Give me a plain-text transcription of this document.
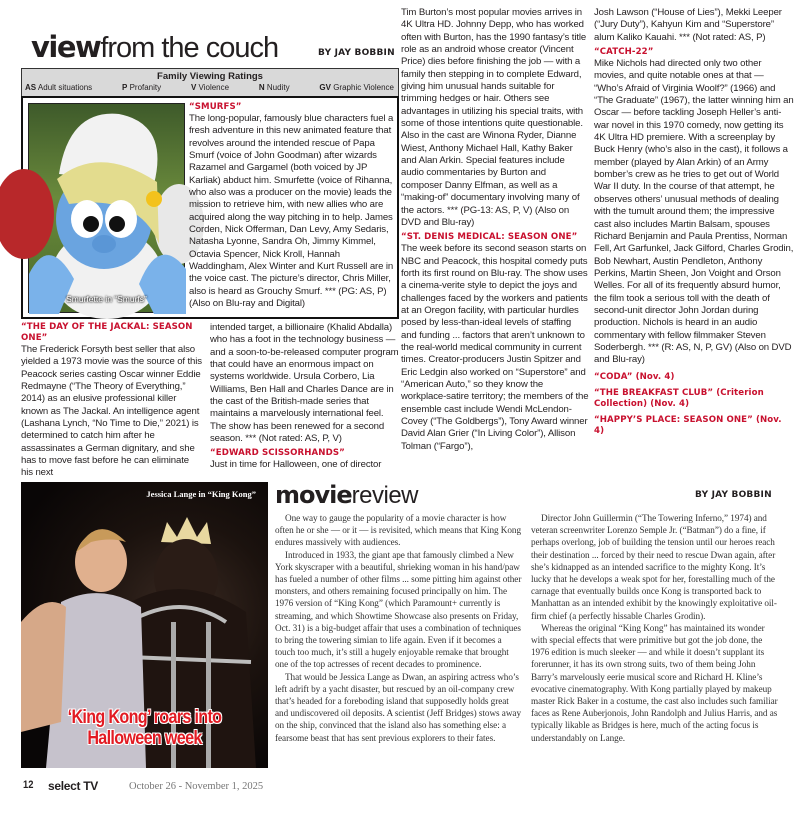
viewfrom the couch	BY JAY BOBBIN
Family Viewing Ratings
AS Adult situations	P Profanity	V Violence	N Nudity	GV Graphic Violence
Smurfette in “Smurfs”
“SMURFS”

The long-popular, famously blue characters fuel a fresh adventure in this new animated feature that revolves around the intended rescue of Papa Smurf (voice of John Goodman) after wizards Razamel and Gargamel (both voiced by JP Karliak) abduct him. Smurfette (voice of Rihanna, who also was a producer on the movie) leads the mission to retrieve him, with new allies who are acquired along the way pitching in to help. James Corden, Nick Offerman, Dan Levy, Amy Sedaris, Natasha Lyonne, Sandra Oh, Jimmy Kimmel, Octavia Spencer, Nick Kroll, Hannah Waddingham, Alex Winter and Kurt Russell are in the voice cast. The picture’s director, Chris Miller, also is heard as Grouchy Smurf. *** (PG: AS, P) (Also on Blu-ray and Digital)

“THE DAY OF THE JACKAL: SEASON ONE”

The Frederick Forsyth best seller that also yielded a 1973 movie was the source of this Peacock series casting Oscar winner Eddie Redmayne (“The Theory of Everything,” 2014) as an elusive professional killer known as The Jackal. An intelligence agent (Lashana Lynch, “No Time to Die,” 2021) is determined to catch him after he assassinates a German dignitary, and she has to move fast before he can eliminate his next

intended target, a billionaire (Khalid Abdalla) who has a foot in the technology business — and a soon-to-be-released computer program that could have an enormous impact on systems worldwide. Ursula Corbero, Lia Williams, Ben Hall and Charles Dance are in the cast of the British-made series that maintains a marvelously international feel. The show has been renewed for a second season. *** (Not rated: AS, P, V)

“EDWARD SCISSORHANDS”

Just in time for Halloween, one of director

Tim Burton’s most popular movies arrives in 4K Ultra HD. Johnny Depp, who has worked often with Burton, has the 1990 fantasy’s title role as an android whose creator (Vincent Price) dies before finishing the job — with a family then stepping in to complete Edward, giving him unusual hands suitable for trimming hedges or hair. Others see advantages in utilizing his special traits, with some of those intentions quite questionable. Also in the cast are Winona Ryder, Dianne Wiest, Anthony Michael Hall, Kathy Baker and Alan Arkin. Special features include audio commentaries by Burton and composer Danny Elfman, as well as a “making-of” documentary involving many of the actors. *** (PG-13: AS, P, V) (Also on DVD and Blu-ray)

“ST. DENIS MEDICAL: SEASON ONE”

The week before its second season starts on NBC and Peacock, this hospital comedy puts forth its first round on Blu-ray. The show uses a cinema-verite style to depict the joys and challenges faced by the workers and patients at an Oregon facility, with particular hurdles posed by less-than-ideal levels of staffing and funding ... factors that aren’t unknown to the real-world medical community in current times. Creator-producers Justin Spitzer and Eric Ledgin also worked on “Superstore” and “American Auto,” so they know the workplace-satire territory; the members of the ensemble cast include Wendi McLendon-Covey (“The Goldbergs”), Tony Award winner David Alan Grier (“In Living Color”), Allison Tolman (“Fargo”),

Josh Lawson (“House of Lies”), Mekki Leeper (“Jury Duty”), Kahyun Kim and “Superstore” alum Kaliko Kauahi. *** (Not rated: AS, P)

“CATCH-22”

Mike Nichols had directed only two other movies, and quite notable ones at that — “Who’s Afraid of Virginia Woolf?” (1966) and “The Graduate” (1967), the latter winning him an Oscar — before tackling Joseph Heller’s anti-war novel in this 1970 comedy, now getting its 4K Ultra HD premiere. With a screenplay by Buck Henry (who’s also in the cast), it follows a member (played by Alan Arkin) of an Army bomber’s crew as he tries to get out of World War II duty. In the course of that attempt, he observes others’ unusual methods of dealing with the tumult around them; the impressive cast also includes Martin Balsam, spouses Richard Benjamin and Paula Prentiss, Norman Fell, Art Garfunkel, Jack Gilford, Charles Grodin, Bob Newhart, Austin Pendleton, Anthony Perkins, Martin Sheen, Jon Voight and Orson Welles. For all of its frequently absurd humor, the film took a serious toll with the death of second-unit director John Jordan during production. Nichols is heard in an audio commentary with fellow filmmaker Steven Soderbergh. *** (R: AS, N, P, GV) (Also on DVD and Blu-ray)

“CODA” (Nov. 4)
“THE BREAKFAST CLUB” (Criterion Collection) (Nov. 4)
“HAPPY’S PLACE: SEASON ONE” (Nov. 4)
Jessica Lange in “King Kong”
‘King Kong’ roars into Halloween week
moviereview	BY JAY BOBBIN

One way to gauge the popularity of a movie character is how often he or she — or it — is revisited, which means that King Kong endures massively with audiences.

Introduced in 1933, the giant ape that famously climbed a New York skyscraper with a beautiful, shrieking woman in his hand/paw has fueled a number of other films ... some pitting him against other monsters, and others remaining focused principally on him. The 1976 version of “King Kong” (which Paramount+ currently is streaming, and which Showtime Showcase also presents on Friday, Oct. 31) is a big-budget affair that uses a combination of techniques to bring the towering simian to life again. Even if it becomes a touch too much, it’s still a hugely enjoyable remake that brought one of the top actresses of recent decades to prominence.

That would be Jessica Lange as Dwan, an aspiring actress who’s left adrift by a yacht disaster, but rescued by an oil-company crew that’s headed for a foreboding island that supposedly holds great and undiscovered oil deposits. A scientist (Jeff Bridges) stows away on the ship, convinced that the island also has something else: a fearsome beast that has sent previous explorers to their fates.

Director John Guillermin (“The Towering Inferno,” 1974) and veteran screenwriter Lorenzo Semple Jr. (“Batman”) do a fine, if perhaps overlong, job of building the tension until our heroes reach their destination ... forced by their need to rescue Dwan again, after she’s kidnapped as an intended sacrifice to the mighty Kong. It’s lucky that he develops a weak spot for her, forestalling much of the carnage that eventually builds once Kong is transported back to Manhattan as an intended exhibit by the knowingly exploitative oil-firm chief (a perfectly hissable Charles Grodin).

Whereas the original “King Kong” has maintained its wonder with special effects that were primitive but got the job done, the 1976 edition is much sleeker — and while it doesn’t supplant its forerunner, it has its own strong suits, two of them being John Barry’s marvelously eerie musical score and Richard H. Kline’s evocative cinematography. With Kong partially played by makeup master Rick Baker in a costume, the cast also includes such familiar faces as Rene Auberjonois, John Randolph and Julius Harris, and as typically likable as Bridges is here, much of the acting focus is understandably on Lange.

12 select TV	October 26 - November 1, 2025
